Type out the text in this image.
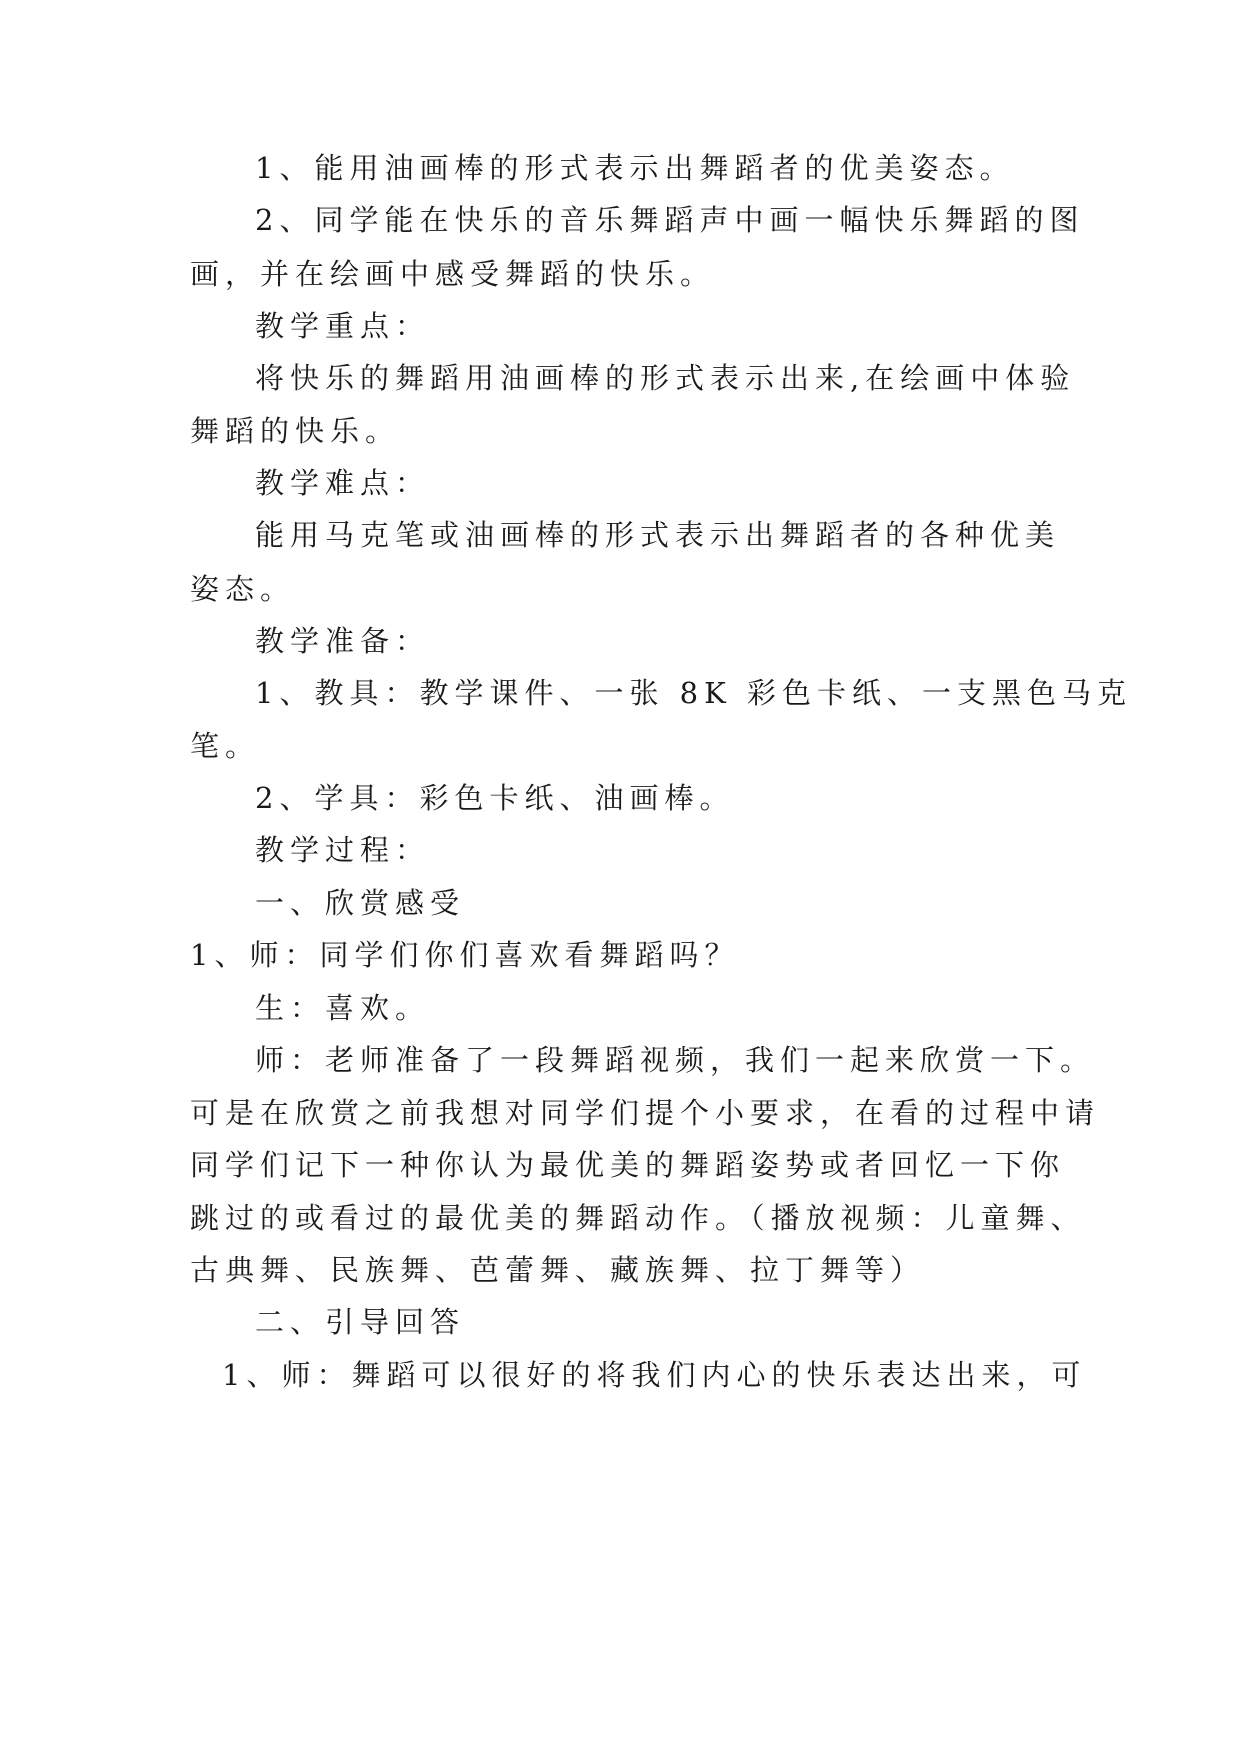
1、能用油画棒的形式表示出舞蹈者的优美姿态。
2、同学能在快乐的音乐舞蹈声中画一幅快乐舞蹈的图
画，并在绘画中感受舞蹈的快乐。
教学重点：
将快乐的舞蹈用油画棒的形式表示出来,在绘画中体验
舞蹈的快乐。
教学难点：
能用马克笔或油画棒的形式表示出舞蹈者的各种优美
姿态。
教学准备：
1、教具：教学课件、一张 8K 彩色卡纸、一支黑色马克
笔。
2、学具：彩色卡纸、油画棒。
教学过程：
一、欣赏感受
1、师：同学们你们喜欢看舞蹈吗？
生：喜欢。
师：老师准备了一段舞蹈视频，我们一起来欣赏一下。
可是在欣赏之前我想对同学们提个小要求，在看的过程中请
同学们记下一种你认为最优美的舞蹈姿势或者回忆一下你
跳过的或看过的最优美的舞蹈动作。（播放视频：儿童舞、
古典舞、民族舞、芭蕾舞、藏族舞、拉丁舞等）
二、引导回答
1、师：舞蹈可以很好的将我们内心的快乐表达出来，可
